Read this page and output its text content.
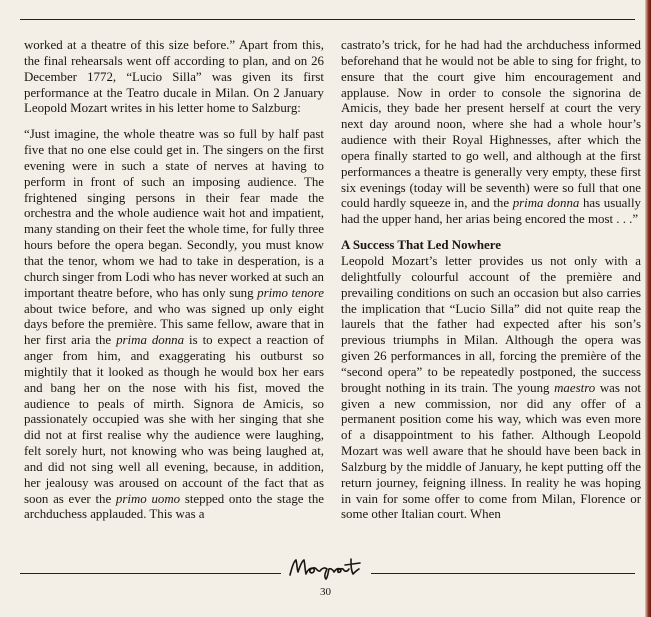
worked at a theatre of this size before.” Apart from this, the final rehearsals went off according to plan, and on 26 December 1772, “Lucio Silla” was given its first performance at the Teatro ducale in Milan. On 2 January Leopold Mozart writes in his letter home to Salzburg:

“Just imagine, the whole theatre was so full by half past five that no one else could get in. The singers on the first evening were in such a state of nerves at having to perform in front of such an imposing audience. The frightened singing persons in their fear made the orchestra and the whole audience wait hot and impatient, many standing on their feet the whole time, for fully three hours before the opera began. Secondly, you must know that the tenor, whom we had to take in desperation, is a church singer from Lodi who has never worked at such an important theatre before, who has only sung primo tenore about twice before, and who was signed up only eight days before the première. This same fellow, aware that in her first aria the prima donna is to expect a reaction of anger from him, and exaggerating his outburst so mightily that it looked as though he would box her ears and bang her on the nose with his fist, moved the audience to peals of mirth. Signora de Amicis, so passionately occupied was she with her singing that she did not at first realise why the audience were laughing, felt sorely hurt, not knowing who was being laughed at, and did not sing well all evening, because, in addition, her jealousy was aroused on account of the fact that as soon as ever the primo uomo stepped onto the stage the archduchess applauded. This was a

castrato’s trick, for he had had the archduchess informed beforehand that he would not be able to sing for fright, to ensure that the court give him encouragement and applause. Now in order to console the signorina de Amicis, they bade her present herself at court the very next day around noon, where she had a whole hour’s audience with their Royal Highnesses, after which the opera finally started to go well, and although at the first performances a theatre is generally very empty, these first six evenings (today will be seventh) were so full that one could hardly squeeze in, and the prima donna has usually had the upper hand, her arias being encored the most . . .”

A Success That Led Nowhere

Leopold Mozart’s letter provides us not only with a delightfully colourful account of the première and prevailing conditions on such an occasion but also carries the implication that “Lucio Silla” did not quite reap the laurels that the father had expected after his son’s previous triumphs in Milan. Although the opera was given 26 performances in all, forcing the première of the “second opera” to be repeatedly postponed, the success brought nothing in its train. The young maestro was not given a new commission, nor did any offer of a permanent position come his way, which was even more of a disappointment to his father. Although Leopold Mozart was well aware that he should have been back in Salzburg by the middle of January, he kept putting off the return journey, feigning illness. In reality he was hoping in vain for some offer to come from Milan, Florence or some other Italian court. When

30
